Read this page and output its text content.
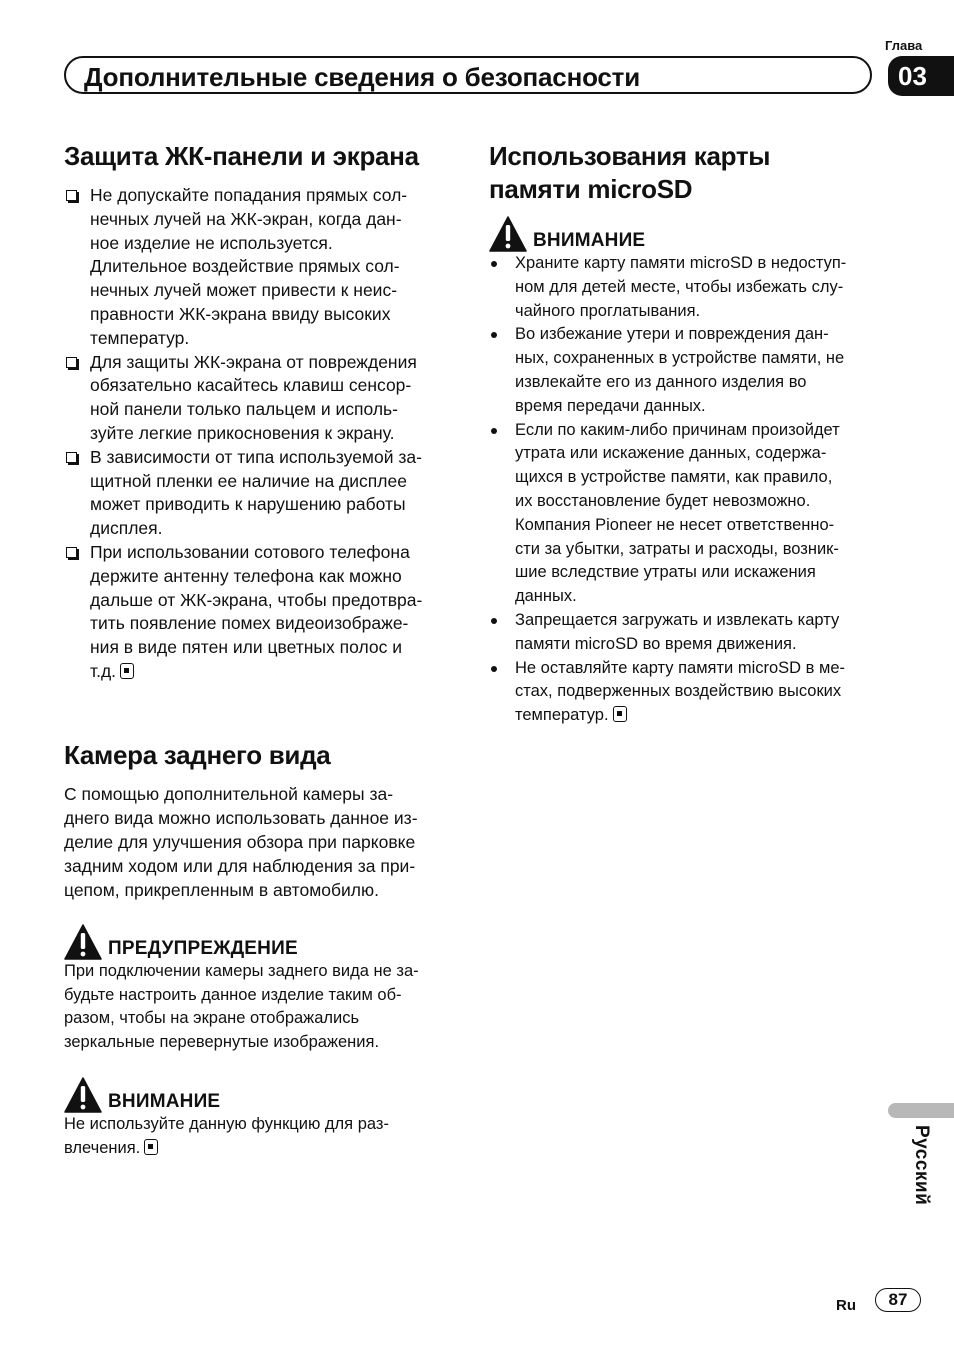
Глава
03
Дополнительные сведения о безопасности
Защита ЖК-панели и экрана
Не допускайте попадания прямых сол-
нечных лучей на ЖК-экран, когда дан-
ное изделие не используется.
Длительное воздействие прямых сол-
нечных лучей может привести к неис-
правности ЖК-экрана ввиду высоких
температур.
Для защиты ЖК-экрана от повреждения
обязательно касайтесь клавиш сенсор-
ной панели только пальцем и исполь-
зуйте легкие прикосновения к экрану.
В зависимости от типа используемой за-
щитной пленки ее наличие на дисплее
может приводить к нарушению работы
дисплея.
При использовании сотового телефона
держите антенну телефона как можно
дальше от ЖК-экрана, чтобы предотвра-
тить появление помех видеоизображе-
ния в виде пятен или цветных полос и
т.д.
Камера заднего вида

С помощью дополнительной камеры за-
днего вида можно использовать данное из-
делие для улучшения обзора при парковке
задним ходом или для наблюдения за при-
цепом, прикрепленным в автомобилю.

ПРЕДУПРЕЖДЕНИЕ

При подключении камеры заднего вида не за-
будьте настроить данное изделие таким об-
разом, чтобы на экране отображались
зеркальные перевернутые изображения.

ВНИМАНИЕ

Не используйте данную функцию для раз-
влечения.

Использования карты
памяти microSD
ВНИМАНИЕ
Храните карту памяти microSD в недоступ-
ном для детей месте, чтобы избежать слу-
чайного проглатывания.
Во избежание утери и повреждения дан-
ных, сохраненных в устройстве памяти, не
извлекайте его из данного изделия во
время передачи данных.
Если по каким-либо причинам произойдет
утрата или искажение данных, содержа-
щихся в устройстве памяти, как правило,
их восстановление будет невозможно.
Компания Pioneer не несет ответственно-
сти за убытки, затраты и расходы, возник-
шие вследствие утраты или искажения
данных.
Запрещается загружать и извлекать карту
памяти microSD во время движения.
Не оставляйте карту памяти microSD в ме-
стах, подверженных воздействию высоких
температур.
Русский
Ru	87
